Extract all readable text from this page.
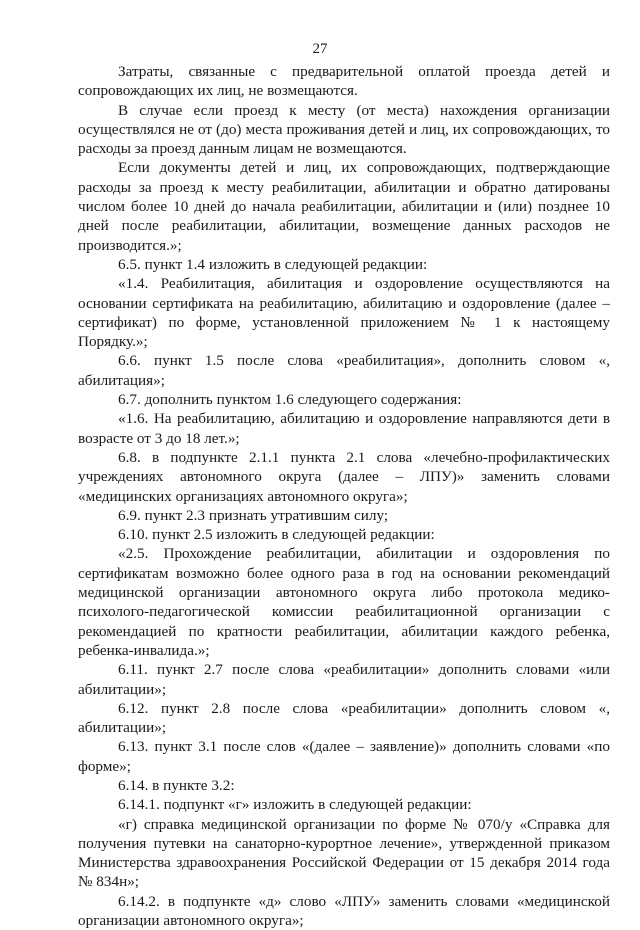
27

Затраты, связанные с предварительной оплатой проезда детей и сопровождающих их лиц, не возмещаются.

В случае если проезд к месту (от места) нахождения организации осуществлялся не от (до) места проживания детей и лиц, их сопровождающих, то расходы за проезд данным лицам не возмещаются.

Если документы детей и лиц, их сопровождающих, подтверждающие расходы за проезд к месту реабилитации, абилитации и обратно датированы числом более 10 дней до начала реабилитации, абилитации и (или) позднее 10 дней после реабилитации, абилитации, возмещение данных расходов не производится.»;

6.5. пункт 1.4 изложить в следующей редакции:

«1.4. Реабилитация, абилитация и оздоровление осуществляются на основании сертификата на реабилитацию, абилитацию и оздоровление (далее – сертификат) по форме, установленной приложением № 1 к настоящему Порядку.»;

6.6. пункт 1.5 после слова «реабилитация», дополнить словом «, абилитация»;

6.7. дополнить пунктом 1.6 следующего содержания:

«1.6. На реабилитацию, абилитацию и оздоровление направляются дети в возрасте от 3 до 18 лет.»;

6.8. в подпункте 2.1.1 пункта 2.1 слова «лечебно-профилактических учреждениях автономного округа (далее – ЛПУ)» заменить словами «медицинских организациях автономного округа»;

6.9. пункт 2.3 признать утратившим силу;

6.10. пункт 2.5 изложить в следующей редакции:

«2.5. Прохождение реабилитации, абилитации и оздоровления по сертификатам возможно более одного раза в год на основании рекомендаций медицинской организации автономного округа либо протокола медико-психолого-педагогической комиссии реабилитационной организации с рекомендацией по кратности реабилитации, абилитации каждого ребенка, ребенка-инвалида.»;

6.11. пункт 2.7 после слова «реабилитации» дополнить словами «или абилитации»;

6.12. пункт 2.8 после слова «реабилитации» дополнить словом «, абилитации»;

6.13. пункт 3.1 после слов «(далее – заявление)» дополнить словами «по форме»;

6.14. в пункте 3.2:

6.14.1. подпункт «г» изложить в следующей редакции:

«г) справка медицинской организации по форме № 070/у «Справка для получения путевки на санаторно-курортное лечение», утвержденной приказом Министерства здравоохранения Российской Федерации от 15 декабря 2014 года № 834н»;

6.14.2. в подпункте «д» слово «ЛПУ» заменить словами «медицинской организации автономного округа»;
